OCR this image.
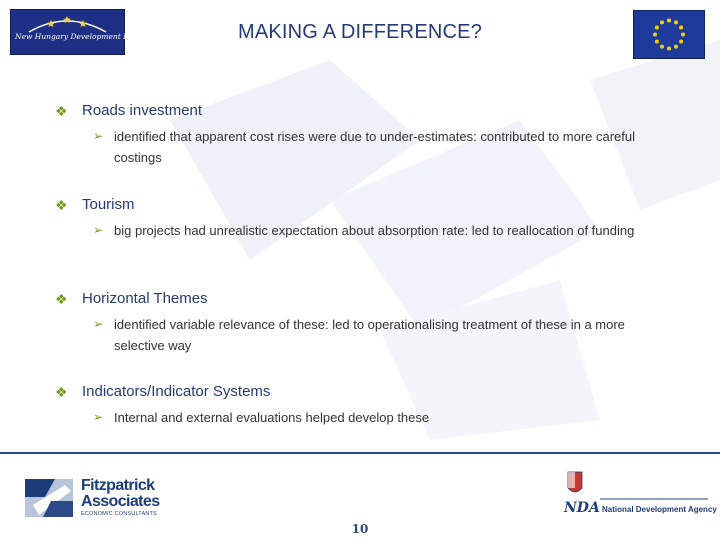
New Hungary Development Plan	MAKING A DIFFERENCE?
❖ Roads investment
➢ identified that apparent cost rises were due to under-estimates: contributed to more careful costings
❖ Tourism
➢ big projects had unrealistic expectation about absorption rate: led to reallocation of funding
❖ Horizontal Themes
➢ identified variable relevance of these: led to operationalising treatment of these in a more selective way
❖ Indicators/Indicator Systems
➢ Internal and external evaluations helped develop these
Fitzpatrick
Associates
ECONOMIC CONSULTANTS
10
NDA National Development Agency
